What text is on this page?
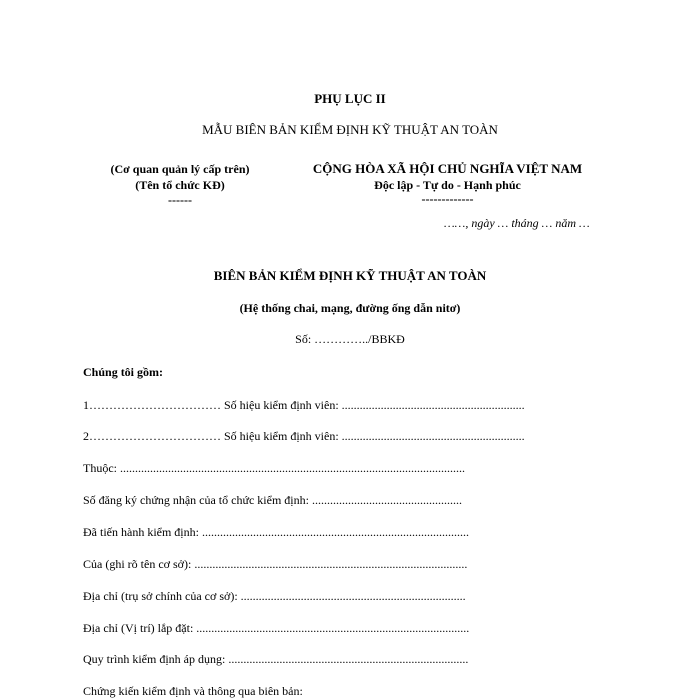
PHỤ LỤC II
MẪU BIÊN BẢN KIỂM ĐỊNH KỸ THUẬT AN TOÀN
(Cơ quan quản lý cấp trên)
(Tên tổ chức KĐ)
------
CỘNG HÒA XÃ HỘI CHỦ NGHĨA VIỆT NAM
Độc lập - Tự do - Hạnh phúc
-------------
……, ngày … tháng … năm …
BIÊN BẢN KIỂM ĐỊNH KỸ THUẬT AN TOÀN
(Hệ thống chai, mạng, đường ống dẫn nitơ)
Số: …………../BBKĐ
Chúng tôi gồm:
1…………………………… Số hiệu kiểm định viên: .............................................................
2…………………………… Số hiệu kiểm định viên: .............................................................
Thuộc: ...................................................................................................................
Số đăng ký chứng nhận của tổ chức kiểm định: ..................................................
Đã tiến hành kiểm định: .........................................................................................
Của (ghi rõ tên cơ sở): ...........................................................................................
Địa chỉ (trụ sở chính của cơ sở): ...........................................................................
Địa chỉ (Vị trí) lắp đặt: ...........................................................................................
Quy trình kiểm định áp dụng: ................................................................................
Chứng kiến kiểm định và thông qua biên bản:
